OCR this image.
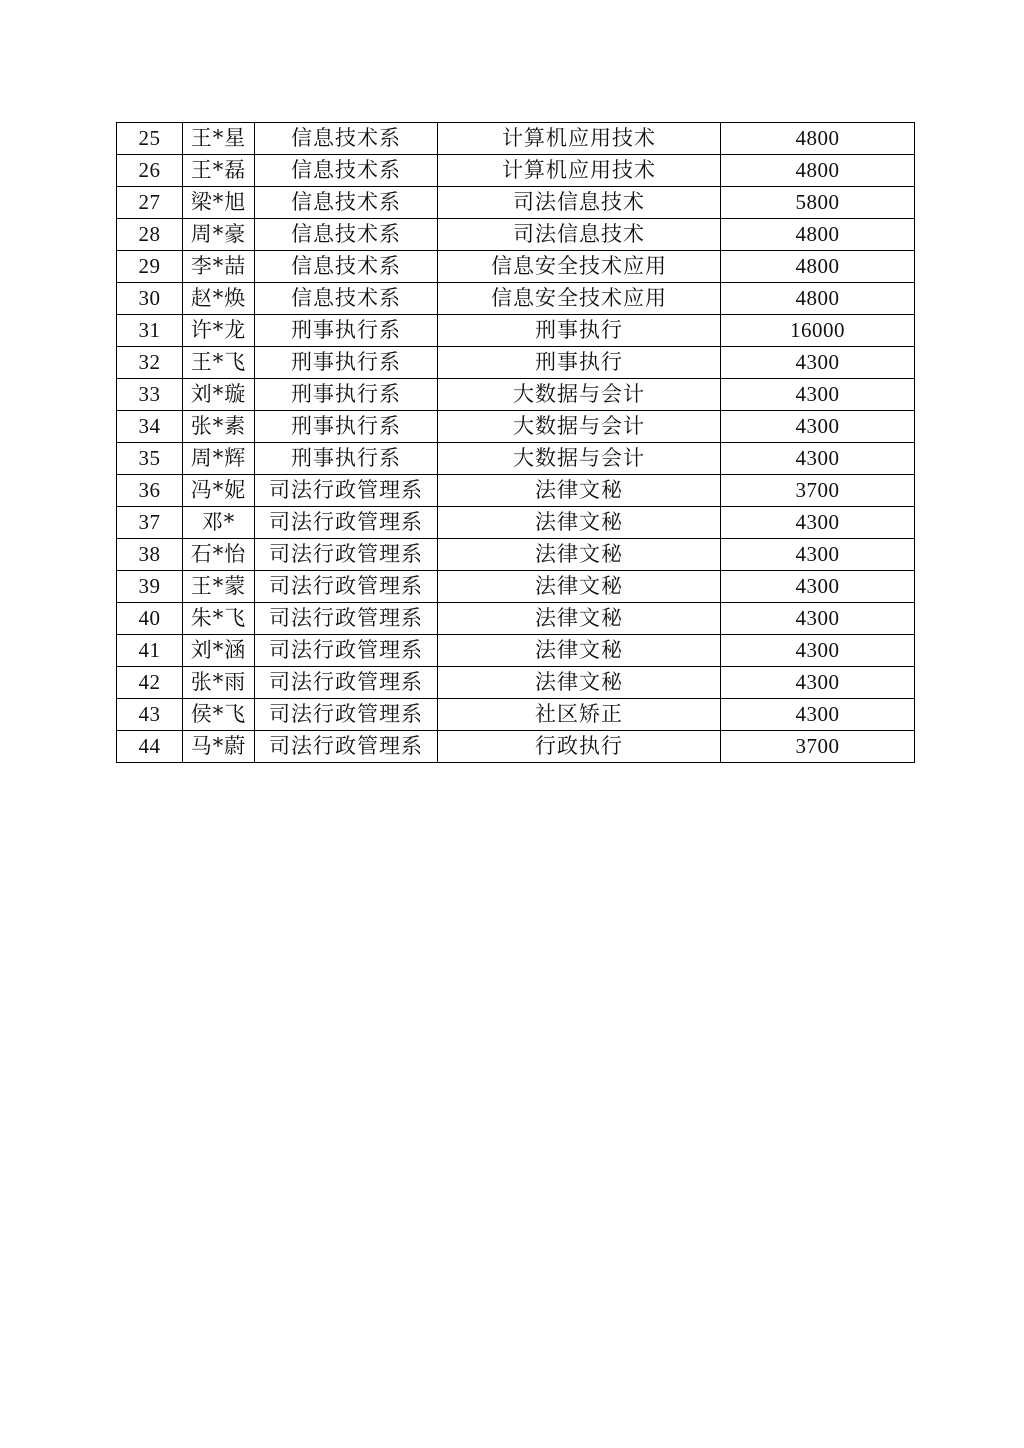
25	王*星	信息技术系	计算机应用技术	4800
26	王*磊	信息技术系	计算机应用技术	4800
27	梁*旭	信息技术系	司法信息技术	5800
28	周*豪	信息技术系	司法信息技术	4800
29	李*喆	信息技术系	信息安全技术应用	4800
30	赵*焕	信息技术系	信息安全技术应用	4800
31	许*龙	刑事执行系	刑事执行	16000
32	王*飞	刑事执行系	刑事执行	4300
33	刘*璇	刑事执行系	大数据与会计	4300
34	张*素	刑事执行系	大数据与会计	4300
35	周*辉	刑事执行系	大数据与会计	4300
36	冯*妮	司法行政管理系	法律文秘	3700
37	邓*	司法行政管理系	法律文秘	4300
38	石*怡	司法行政管理系	法律文秘	4300
39	王*蒙	司法行政管理系	法律文秘	4300
40	朱*飞	司法行政管理系	法律文秘	4300
41	刘*涵	司法行政管理系	法律文秘	4300
42	张*雨	司法行政管理系	法律文秘	4300
43	侯*飞	司法行政管理系	社区矫正	4300
44	马*蔚	司法行政管理系	行政执行	3700
